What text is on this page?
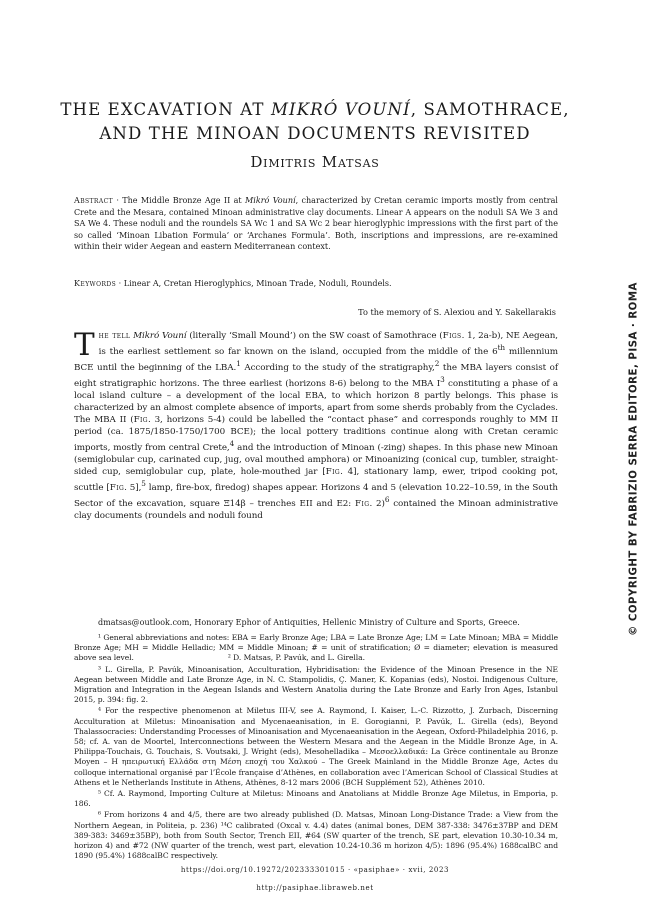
THE EXCAVATION AT MIKRÓ VOUNÍ, SAMOTHRACE,
AND THE MINOAN DOCUMENTS REVISITED
Dimitris Matsas
Abstract · The Middle Bronze Age II at Mikró Vouní, characterized by Cretan ceramic imports mostly from central Crete and the Mesara, contained Minoan administrative clay documents. Linear A appears on the noduli SA We 3 and SA We 4. These noduli and the roundels SA Wc 1 and SA Wc 2 bear hieroglyphic impressions with the first part of the so called ‘Minoan Libation Formula’ or ‘Archanes Formula’. Both, inscriptions and impressions, are re-examined within their wider Aegean and eastern Mediterranean context.
Keywords · Linear A, Cretan Hieroglyphics, Minoan Trade, Noduli, Roundels.
To the memory of S. Alexiou and Y. Sakellarakis
The tell Mikró Vouní (literally ‘Small Mound’) on the SW coast of Samothrace (Figs. 1, 2a-b), NE Aegean, is the earliest settlement so far known on the island, occupied from the middle of the 6th millennium BCE until the beginning of the LBA.$^1$ According to the study of the stratigraphy,$^2$ the MBA layers consist of eight stratigraphic horizons. The three earliest (horizons 8-6) belong to the MBA $I^3$ constituting a phase of a local island culture – a development of the local EBA, to which horizon 8 partly belongs. This phase is characterized by an almost complete absence of imports, apart from some sherds probably from the Cyclades. The MBA II (Fig. 3, horizons 5-4) could be labelled the “contact phase” and corresponds roughly to MM II period (ca. 1875/1850-1750/1700 BCE); the local pottery traditions continue along with Cretan ceramic imports, mostly from central Crete,$^4$ and the introduction of Minoan (-zing) shapes. In this phase new Minoan (semiglobular cup, carinated cup, jug, oval mouthed amphora) or Minoanizing (conical cup, tumbler, straight-sided cup, semiglobular cup, plate, hole-mouthed jar [Fig. 4], stationary lamp, ewer, tripod cooking pot, scuttle [Fig. 5],$^5$ lamp, fire-box, firedog) shapes appear. Horizons 4 and 5 (elevation 10.22–10.59, in the South Sector of the excavation, square Ξ14β – trenches EII and E2: Fig. 2)$^6$ contained the Minoan administrative clay documents (roundels and noduli found
dmatsas@outlook.com, Honorary Ephor of Antiquities, Hellenic Ministry of Culture and Sports, Greece.

¹ General abbreviations and notes: EBA = Early Bronze Age; LBA = Late Bronze Age; LM = Late Minoan; MBA = Middle Bronze Age; MH = Middle Helladic; MM = Middle Minoan; # = unit of stratification; Ø = diameter; elevation is measured above sea level.                                        ² D. Matsas, P. Pavúk, and L. Girella.

³ L. Girella, P. Pavúk, Minoanisation, Acculturation, Hybridisation: the Evidence of the Minoan Presence in the NE Aegean between Middle and Late Bronze Age, in N. C. Stampolidis, Ç. Maner, K. Kopanias (eds), Nostoi. Indigenous Culture, Migration and Integration in the Aegean Islands and Western Anatolia during the Late Bronze and Early Iron Ages, Istanbul 2015, p. 394: fig. 2.

⁴ For the respective phenomenon at Miletus III-V, see A. Raymond, I. Kaiser, L.-C. Rizzotto, J. Zurbach, Discerning Acculturation at Miletus: Minoanisation and Mycenaeanisation, in E. Gorogianni, P. Pavúk, L. Girella (eds), Beyond Thalassocracies: Understanding Processes of Minoanisation and Mycenaeanisation in the Aegean, Oxford-Philadelphia 2016, p. 58; cf. A. van de Moortel, Interconnections between the Western Mesara and the Aegean in the Middle Bronze Age, in A. Philippa-Touchais, G. Touchais, S. Voutsaki, J. Wright (eds), Mesohelladika – Μεσοελλαδικά: La Grèce continentale au Bronze Moyen – Η ηπειρωτική Ελλάδα στη Μέση εποχή του Χαλκού – The Greek Mainland in the Middle Bronze Age, Actes du colloque international organisé par l’École française d’Athènes, en collaboration avec l’American School of Classical Studies at Athens et le Netherlands Institute in Athens, Athènes, 8-12 mars 2006 (BCH Supplément 52), Athènes 2010.

⁵ Cf. A. Raymond, Importing Culture at Miletus: Minoans and Anatolians at Middle Bronze Age Miletus, in Emporia, p. 186.

⁶ From horizons 4 and 4/5, there are two already published (D. Matsas, Minoan Long-Distance Trade: a View from the Northern Aegean, in Politeia, p. 236) ¹⁴C calibrated (Oxcal v. 4.4) dates (animal bones, DEM 387-338: 3476±37BP and DEM 389-383: 3469±35BP), both from South Sector, Trench EII, #64 (SW quarter of the trench, SE part, elevation 10.30-10.34 m, horizon 4) and #72 (NW quarter of the trench, west part, elevation 10.24-10.36 m horizon 4/5): 1896 (95.4%) 1688calBC and 1890 (95.4%) 1688calBC respectively.

https://doi.org/10.19272/202333301015 · «pasiphae» · xvii, 2023
http://pasiphae.libraweb.net
© COPYRIGHT BY FABRIZIO SERRA EDITORE, PISA · ROMA
